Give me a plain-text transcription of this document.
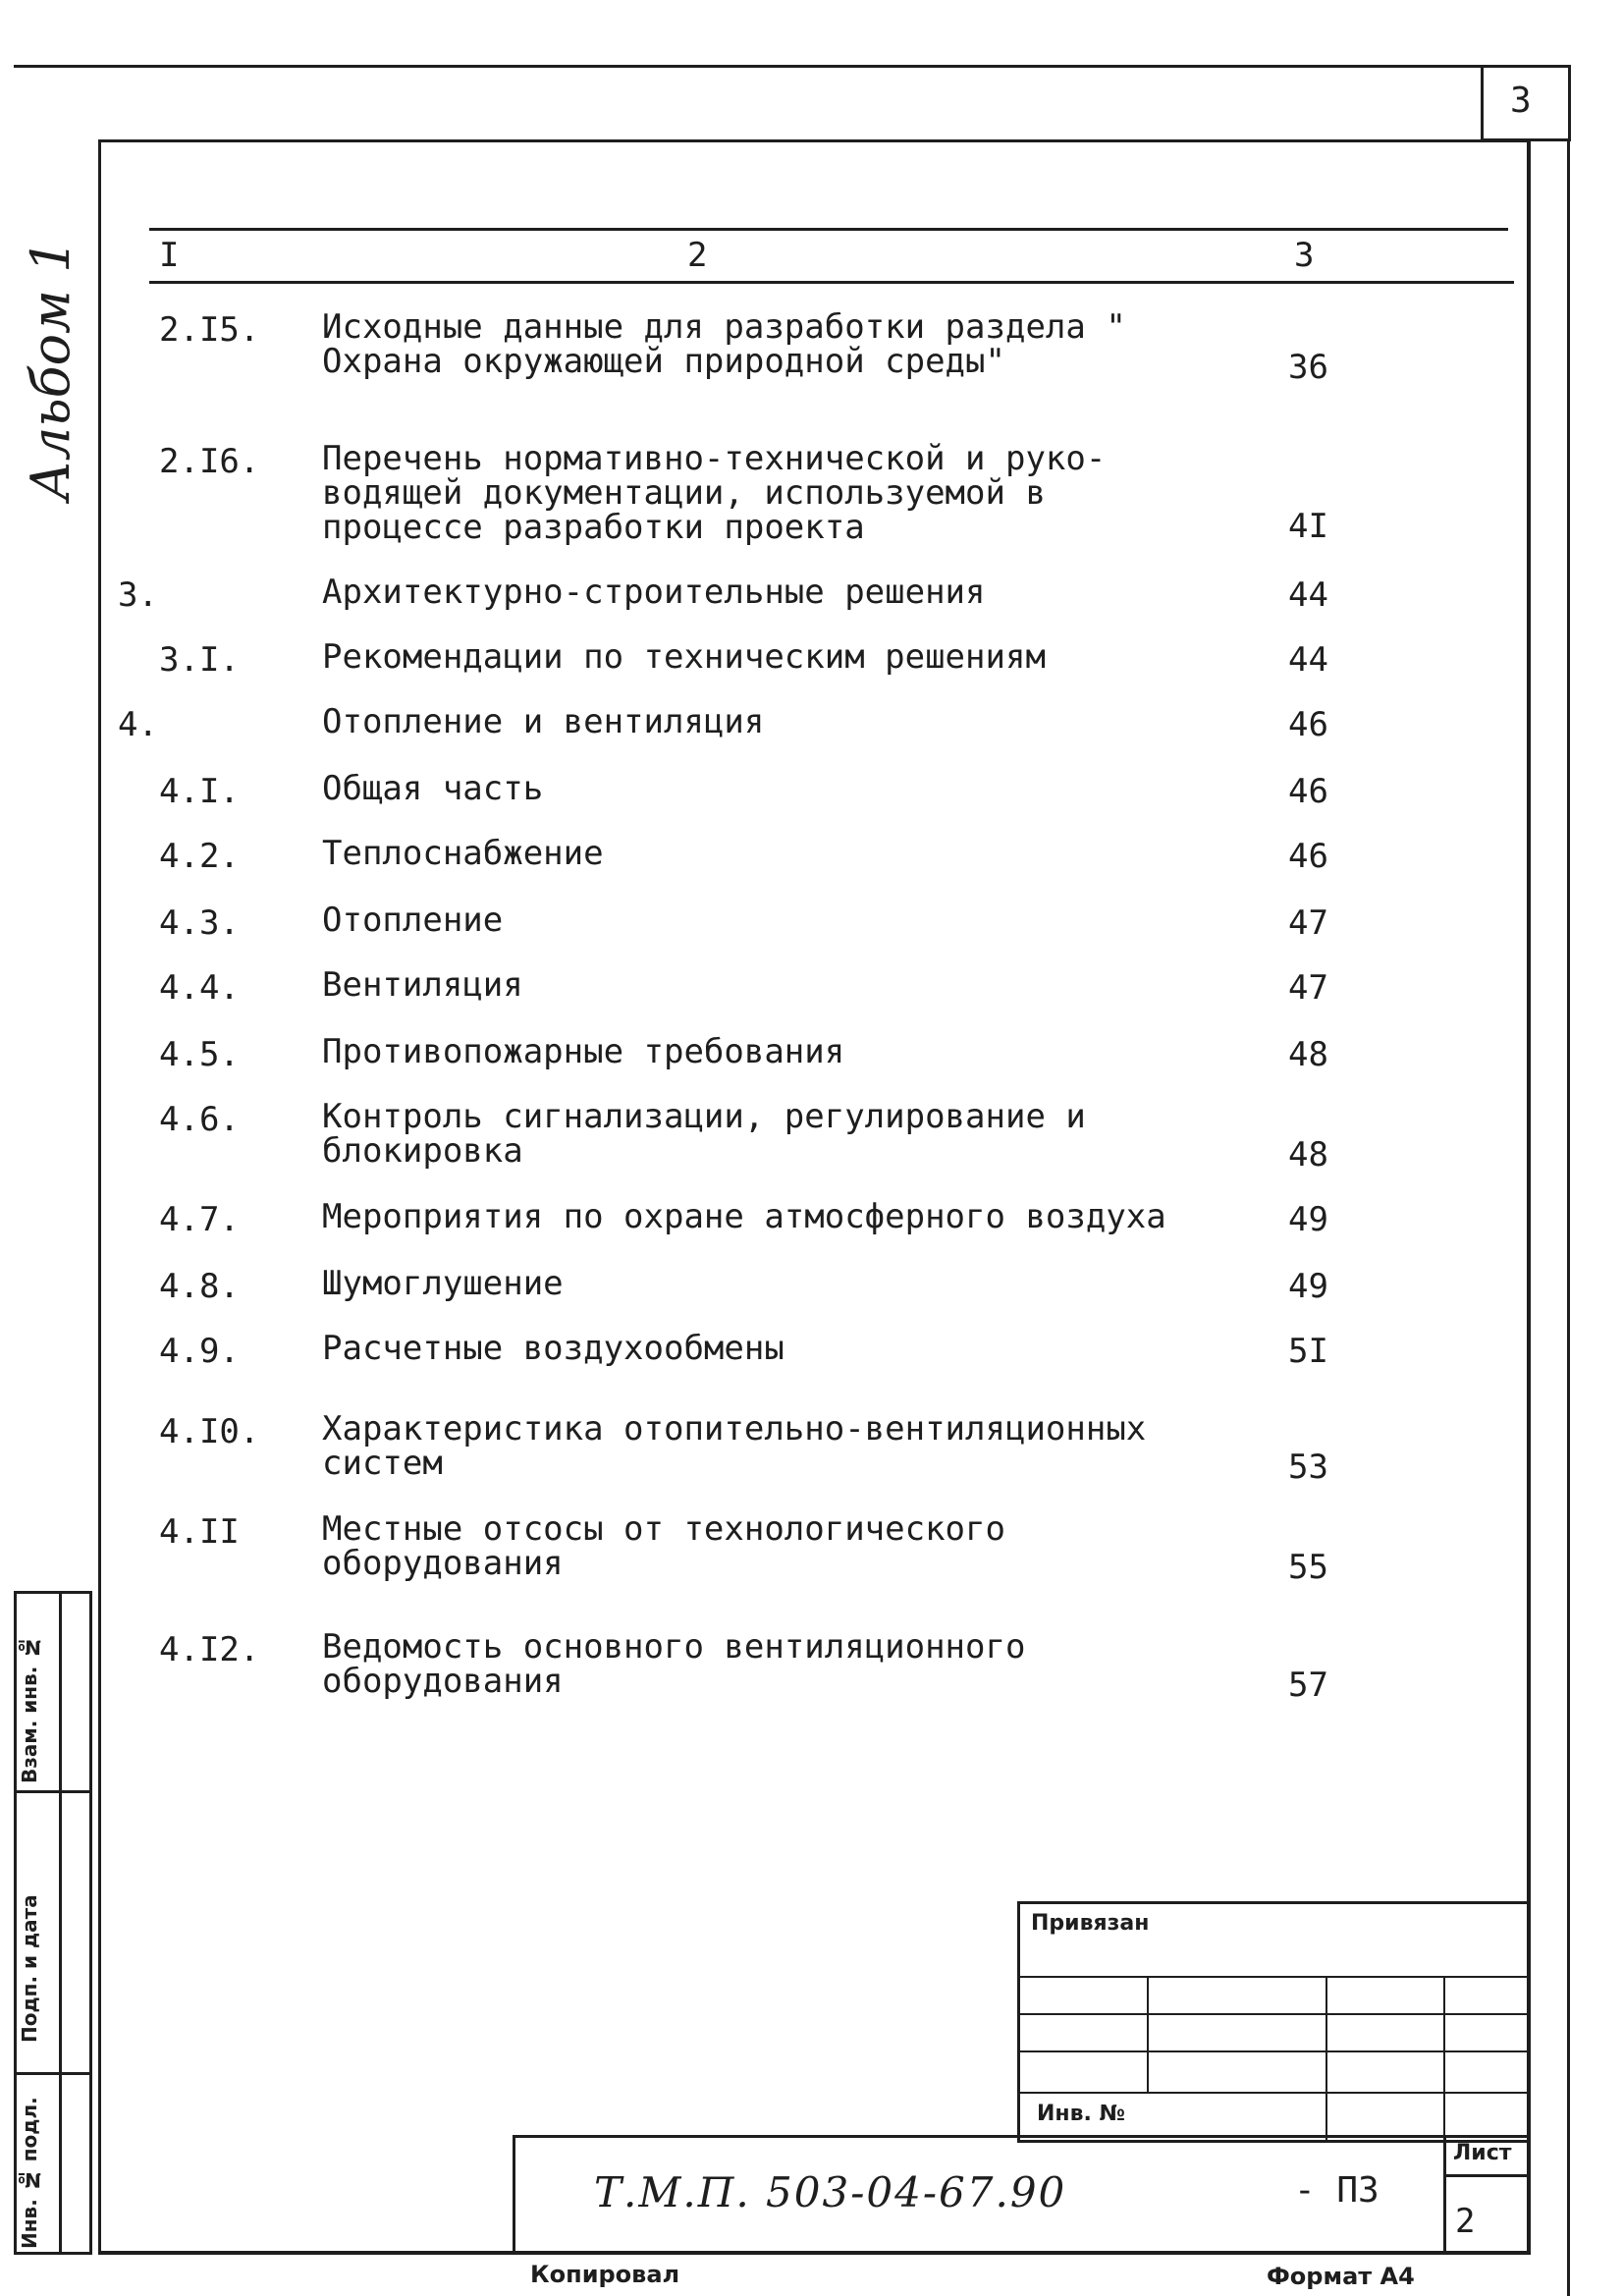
3
Альбом 1	I	2	3
2.I5. Исходные данные для разработки раздела " Охрана окружающей природной среды"	36
2.I6. Перечень нормативно-технической и руко-водящей документации, используемой в процессе разработки проекта	4I
3.	Архитектурно-строительные решения	44
3.I. Рекомендации по техническим решениям	44
4.	Отопление и вентиляция	46
4.I. Общая часть	46
4.2. Теплоснабжение	46
4.3. Отопление	47
4.4. Вентиляция	47
4.5. Противопожарные требования	48
4.6. Контроль сигнализации, регулирование и блокировка	48
4.7. Мероприятия по охране атмосферного воздуха	49
4.8. Шумоглушение	49
4.9. Расчетные воздухообмены	5I
4.I0. Характеристика отопительно-вентиляционных систем	53
4.II Местные отсосы от технологического оборудования	55
4.I2. Ведомость основного вентиляционного оборудования	57
Взам. инв. №
Подп. и дата
Инв. № подл.
Привязан
Инв. №
Т.М.П. 503-04-67.90	- ПЗ
Лист
2
Копировал	Формат А4
